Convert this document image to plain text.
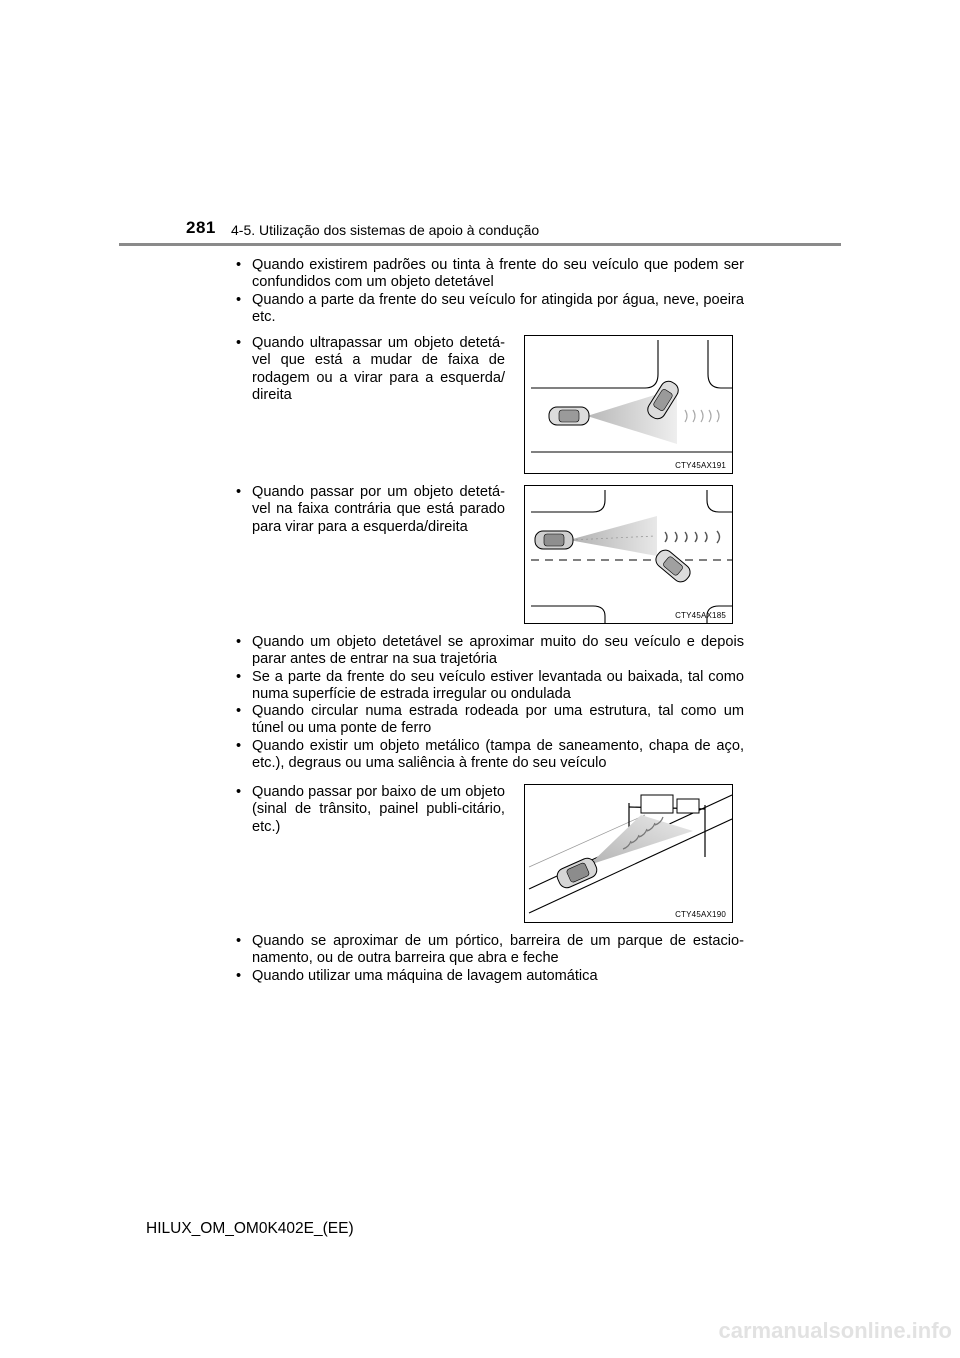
281 4-5. Utilização dos sistemas de apoio à condução
• Quando existirem padrões ou tinta à frente do seu veículo que podem ser confundidos com um objeto detetável
• Quando a parte da frente do seu veículo for atingida por água, neve, poeira etc.
• Quando ultrapassar um objeto detetá-vel que está a mudar de faixa de rodagem ou a virar para a esquerda/ direita
CTY45AX191
• Quando passar por um objeto detetá-vel na faixa contrária que está parado para virar para a esquerda/direita
CTY45AX185
• Quando um objeto detetável se aproximar muito do seu veículo e depois parar antes de entrar na sua trajetória
• Se a parte da frente do seu veículo estiver levantada ou baixada, tal como numa superfície de estrada irregular ou ondulada
• Quando circular numa estrada rodeada por uma estrutura, tal como um túnel ou uma ponte de ferro
• Quando existir um objeto metálico (tampa de saneamento, chapa de aço, etc.), degraus ou uma saliência à frente do seu veículo
• Quando passar por baixo de um objeto (sinal de trânsito, painel publi-citário, etc.)
CTY45AX190
• Quando se aproximar de um pórtico, barreira de um parque de estacio-namento, ou de outra barreira que abra e feche
• Quando utilizar uma máquina de lavagem automática
HILUX_OM_OM0K402E_(EE)
carmanualsonline.info
